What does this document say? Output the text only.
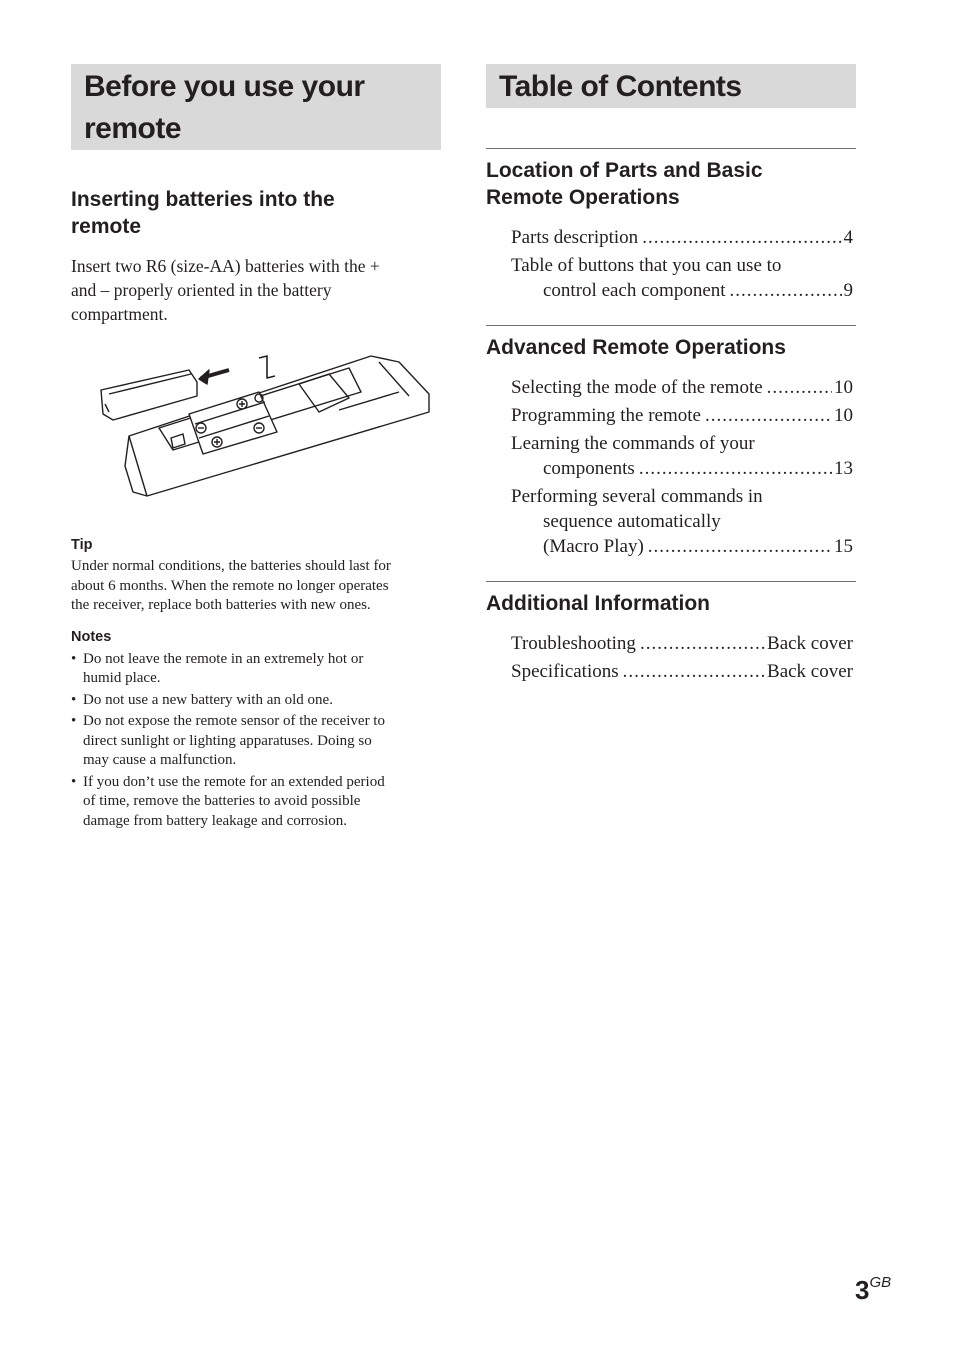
Before you use your
remote
Inserting batteries into the
remote
Insert two R6 (size-AA) batteries with the +
and – properly oriented in the battery
compartment.
Tip
Under normal conditions, the batteries should last for
about 6 months. When the remote no longer operates
the receiver, replace both batteries with new ones.
Notes
• Do not leave the remote in an extremely hot or
humid place.
• Do not use a new battery with an old one.
• Do not expose the remote sensor of the receiver to
direct sunlight or lighting apparatuses. Doing so
may cause a malfunction.
• If you don’t use the remote for an extended period
of time, remove the batteries to avoid possible
damage from battery leakage and corrosion.
Table of Contents
Location of Parts and Basic
Remote Operations
Parts description .....	4
Table of buttons that you can use to
control each component .....	9
Advanced Remote Operations
Selecting the mode of the remote .....	10
Programming the remote .....	10
Learning the commands of your
components .....	13
Performing several commands in
sequence automatically
(Macro Play) .....	15
Additional Information
Troubleshooting .....	Back cover
Specifications .....	Back cover
$3^{GB}$
